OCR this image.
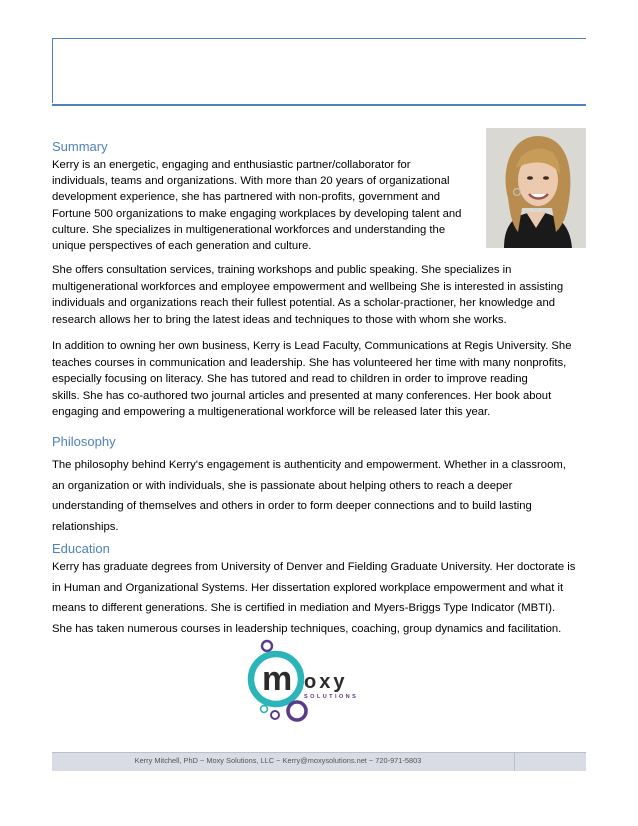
Summary
Kerry is an energetic, engaging and enthusiastic partner/collaborator for
individuals, teams and organizations. With more than 20 years of organizational
development experience, she has partnered with non-profits, government and
Fortune 500 organizations to make engaging workplaces by developing talent and
culture. She specializes in multigenerational workforces and understanding the
unique perspectives of each generation and culture.
She offers consultation services, training workshops and public speaking. She specializes in
multigenerational workforces and employee empowerment and wellbeing She is interested in assisting
individuals and organizations reach their fullest potential. As a scholar-practioner, her knowledge and
research allows her to bring the latest ideas and techniques to those with whom she works.
In addition to owning her own business, Kerry is Lead Faculty, Communications at Regis University. She
teaches courses in communication and leadership. She has volunteered her time with many nonprofits,
especially focusing on literacy. She has tutored and read to children in order to improve reading
skills. She has co-authored two journal articles and presented at many conferences. Her book about
engaging and empowering a multigenerational workforce will be released later this year.
Philosophy
The philosophy behind Kerry's engagement is authenticity and empowerment. Whether in a classroom,
an organization or with individuals, she is passionate about helping others to reach a deeper
understanding of themselves and others in order to form deeper connections and to build lasting
relationships.
Education
Kerry has graduate degrees from University of Denver and Fielding Graduate University. Her doctorate is
in Human and Organizational Systems. Her dissertation explored workplace empowerment and what it
means to different generations. She is certified in mediation and Myers-Briggs Type Indicator (MBTI).
She has taken numerous courses in leadership techniques, coaching, group dynamics and facilitation.
m oxy
SOLUTIONS
Kerry Mitchell, PhD ~ Moxy Solutions, LLC ~ Kerry@moxysolutions.net ~ 720-971-5803
